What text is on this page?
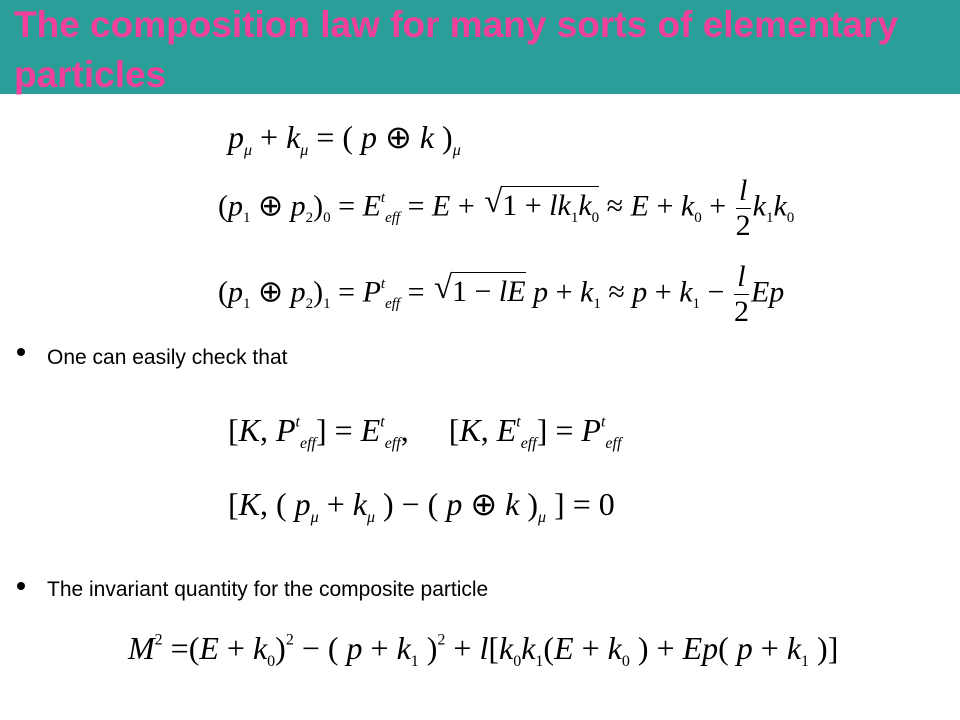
The composition law for many sorts of elementary particles
$p_\mu + k_\mu$ = ( p ⊕ k )$_\mu$
($p_1$ ⊕ $p_2)_0 = E^t_{eff} = E$ + √ $1 + lk_1k_0 \approx E + k_0 + \frac{l}{2} k_1k_0$
($p_1$ ⊕ $p_2)_1 = P^t_{eff}$ = √ 1 − lE $p + k_1 \approx p + k_1 - \frac{l}{2}$ Ep
One can easily check that
[K, $P^t_{eff}] = E^t_{eff}$,     [K, $E^t_{eff}] = P^t_{eff}$
[K, ( $p_\mu + k_\mu$ ) − ( p ⊕ k )$_\mu$ ] = 0
The invariant quantity for the composite particle
$M^2 =(E + k_0)^2$ − ( $p + k_1$ )$^2 + l[k_0k_1(E + k_0$ ) + Ep( $p + k_1$ )]
